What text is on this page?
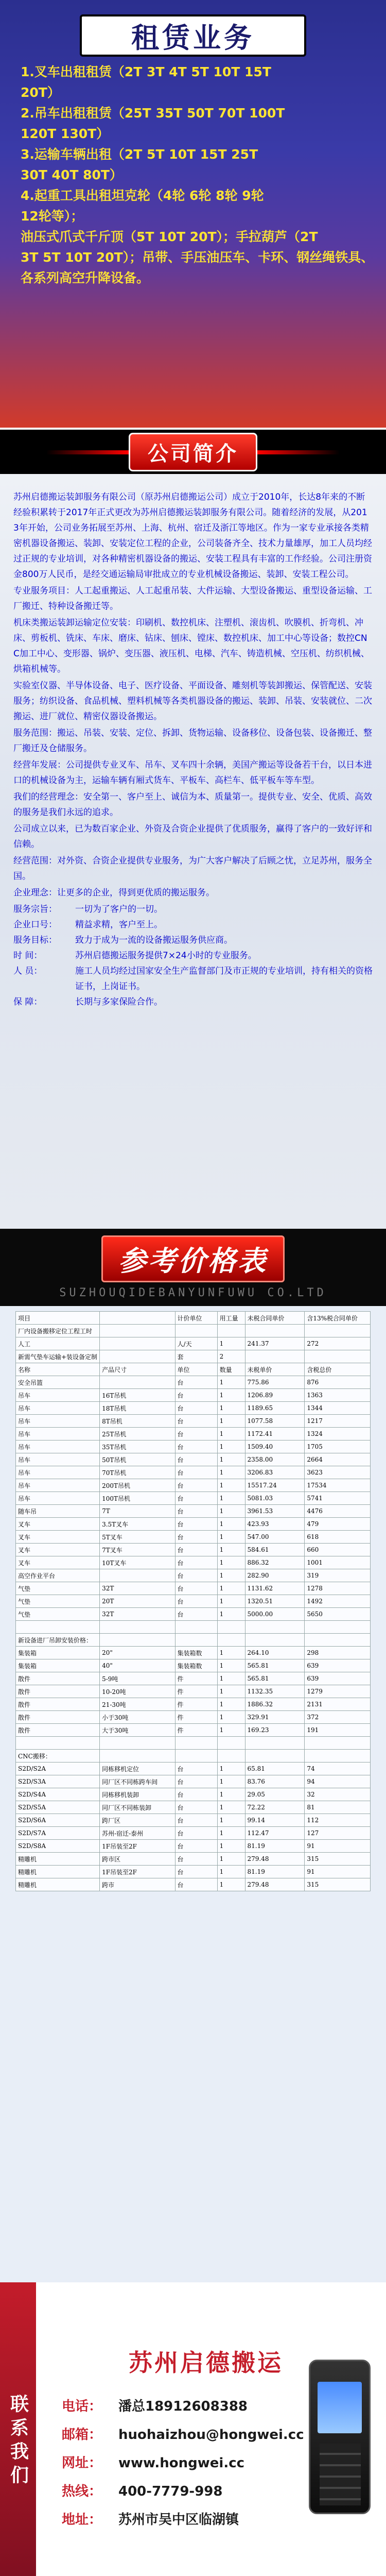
租赁业务
1.叉车出租租赁（2T 3T 4T 5T 10T 15T
20T）
2.吊车出租租赁（25T 35T 50T 70T 100T
120T 130T）
3.运输车辆出租（2T 5T 10T 15T 25T
30T 40T 80T）
4.起重工具出租坦克轮（4轮 6轮 8轮 9轮
12轮等）；
油压式爪式千斤顶（5T 10T 20T）；手拉葫芦（2T
3T 5T 10T 20T）；吊带、手压油压车、卡环、钢丝绳铁具、
各系列高空升降设备。
公司简介

苏州启德搬运装卸服务有限公司（原苏州启德搬运公司）成立于2010年，长达8年来的不断经验积累转于2017年正式更改为苏州启德搬运装卸服务有限公司。随着经济的发展，从2013年开始，公司业务拓展至苏州、上海、杭州、宿迁及浙江等地区。作为一家专业承接各类精密机器设备搬运、装卸、安装定位工程的企业，公司装备齐全、技术力量雄厚，加工人员均经过正规的专业培训，对各种精密机器设备的搬运、安装工程具有丰富的工作经验。公司注册资金800万人民币，是经交通运输局审批成立的专业机械设备搬运、装卸、安装工程公司。

专业服务项目：人工起重搬运、人工起重吊装、大件运输、大型设备搬运、重型设备运输、工厂搬迁、特种设备搬迁等。

机床类搬运装卸运输定位安装：印刷机、数控机床、注塑机、滚齿机、吹膜机、折弯机、冲床、剪板机、铣床、车床、磨床、钻床、刨床、镗床、数控机床、加工中心等设备；数控CNC加工中心、变形器、锅炉、变压器、液压机、电梯、汽车、铸造机械、空压机、纺织机械、烘箱机械等。

实验室仪器、半导体设备、电子、医疗设备、平面设备、雕刻机等装卸搬运、保管配送、安装服务；纺织设备、食品机械、塑料机械等各类机器设备的搬运、装卸、吊装、安装就位、二次搬运、进厂就位、精密仪器设备搬运。

服务范围：搬运、吊装、安装、定位、拆卸、货物运输、设备移位、设备包装、设备搬迁、整厂搬迁及仓储服务。

经营年发展：公司提供专业叉车、吊车、叉车四十余辆，美国产搬运等设备若干台，以日本进口的机械设备为主，运输车辆有厢式货车、平板车、高栏车、低平板车等车型。

我们的经营理念：安全第一、客户至上、诚信为本、质量第一。提供专业、安全、优质、高效的服务是我们永远的追求。

公司成立以来，已为数百家企业、外资及合资企业提供了优质服务，赢得了客户的一致好评和信赖。

经营范围：对外资、合资企业提供专业服务，为广大客户解决了后顾之忧，立足苏州，服务全国。

企业理念：让更多的企业，得到更优质的搬运服务。

服务宗旨：	一切为了客户的一切。
企业口号：	精益求精，客户至上。
服务目标：	致力于成为一流的设备搬运服务供应商。
时 间：	苏州启德搬运服务提供7×24小时的专业服务。
人 员：	施工人员均经过国家安全生产监督部门及市正规的专业培训，持有相关的资格证书，上岗证书。
保 障：	长期与多家保险合作。
参考价格表
SUZHOUQIDEBANYUNFUWU CO.LTD
项目		计价单位	用工量	未税合同单价	含13%税合同单价
厂内设备搬移定位工程工时					
人工		人/天	1	241.37	272
新需气垫车运输+装设备定制		套	2		
名称	产品尺寸	单位	数量	未税单价	含税总价
安全吊篮		台	1	775.86	876
吊车	16T吊机	台	1	1206.89	1363
吊车	18T吊机	台	1	1189.65	1344
吊车	8T吊机	台	1	1077.58	1217
吊车	25T吊机	台	1	1172.41	1324
吊车	35T吊机	台	1	1509.40	1705
吊车	50T吊机	台	1	2358.00	2664
吊车	70T吊机	台	1	3206.83	3623
吊车	200T吊机	台	1	15517.24	17534
吊车	100T吊机	台	1	5081.03	5741
随车吊	7T	台	1	3961.53	4476
叉车	3.5T叉车	台	1	423.93	479
叉车	5T叉车	台	1	547.00	618
叉车	7T叉车	台	1	584.61	660
叉车	10T叉车	台	1	886.32	1001
高空作业平台		台	1	282.90	319
气垫	32T	台	1	1131.62	1278
气垫	20T	台	1	1320.51	1492
气垫	32T	台	1	5000.00	5650

新设备进厂吊卸安装价格：					
集装箱	20"	集装箱数	1	264.10	298
集装箱	40"	集装箱数	1	565.81	639
散件	5-9吨	件	1	565.81	639
散件	10-20吨	件	1	1132.35	1279
散件	21-30吨	件	1	1886.32	2131
散件	小于30吨	件	1	329.91	372
散件	大于30吨	件	1	169.23	191

CNC搬移：					
S2D/S2A	同栋移机定位	台	1	65.81	74
S2D/S3A	同厂区不同栋跨车间	台	1	83.76	94
S2D/S4A	同栋移机装卸	台	1	29.05	32
S2D/S5A	同厂区不同栋装卸	台	1	72.22	81
S2D/S6A	跨厂区	台	1	99.14	112
S2D/S7A	苏州-宿迁-泰州	台	1	112.47	127
S2D/S8A	1F吊装至2F	台	1	81.19	91
精雕机	跨市区	台	1	279.48	315
精雕机	1F吊装至2F	台	1	81.19	91
精雕机	跨市	台	1	279.48	315
联系我们
苏州启德搬运
电话： 潘总18912608388
邮箱： huohaizhou@hongwei.cc
网址： www.hongwei.cc
热线： 400-7779-998
地址： 苏州市吴中区临湖镇
